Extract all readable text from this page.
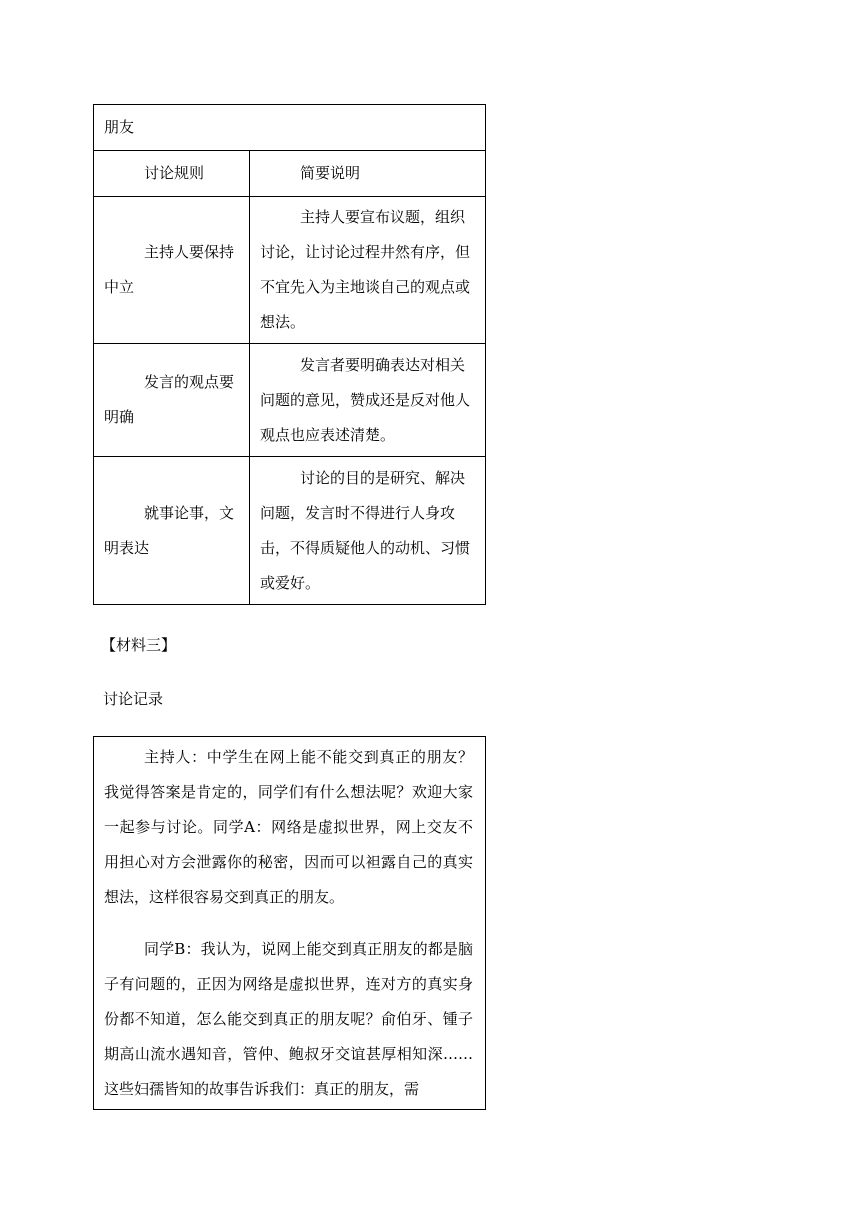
朋友	
讨论规则	简要说明
主持人要保持中立	主持人要宣布议题，组织讨论，让讨论过程井然有序，但不宜先入为主地谈自己的观点或想法。
发言的观点要明确	发言者要明确表达对相关问题的意见，赞成还是反对他人观点也应表述清楚。
就事论事，文明表达	讨论的目的是研究、解决问题，发言时不得进行人身攻击，不得质疑他人的动机、习惯或爱好。
【材料三】
讨论记录

主持人：中学生在网上能不能交到真正的朋友？我觉得答案是肯定的，同学们有什么想法呢？欢迎大家一起参与讨论。同学A：网络是虚拟世界，网上交友不用担心对方会泄露你的秘密，因而可以袒露自己的真实想法，这样很容易交到真正的朋友。

同学B：我认为，说网上能交到真正朋友的都是脑子有问题的，正因为网络是虚拟世界，连对方的真实身份都不知道，怎么能交到真正的朋友呢？俞伯牙、锺子期高山流水遇知音，管仲、鲍叔牙交谊甚厚相知深……这些妇孺皆知的故事告诉我们：真正的朋友，需
